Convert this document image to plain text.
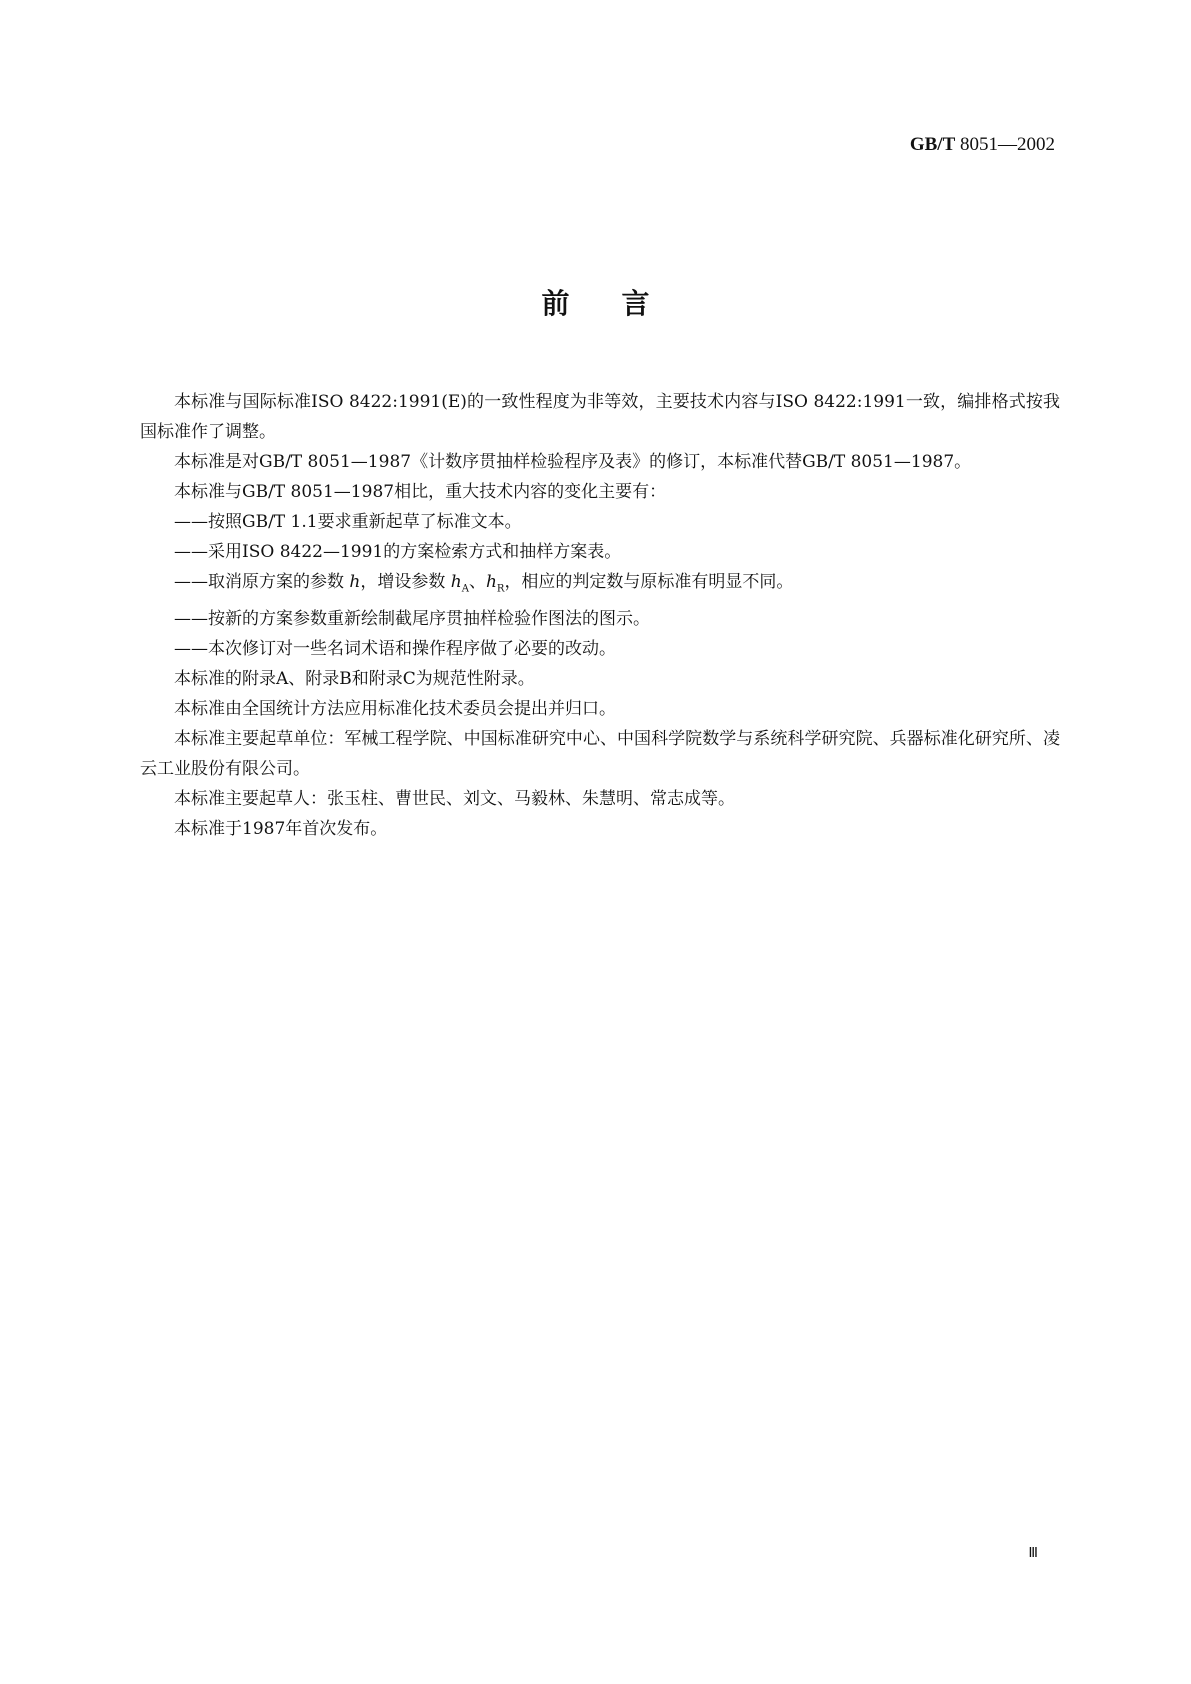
GB/T 8051—2002
前言

本标准与国际标准ISO 8422:1991(E)的一致性程度为非等效，主要技术内容与ISO 8422:1991一致，编排格式按我国标准作了调整。

本标准是对GB/T 8051—1987《计数序贯抽样检验程序及表》的修订，本标准代替GB/T 8051—1987。

本标准与GB/T 8051—1987相比，重大技术内容的变化主要有：

——按照GB/T 1.1要求重新起草了标准文本。

——采用ISO 8422—1991的方案检索方式和抽样方案表。

——取消原方案的参数 h，增设参数 $h_A$、$h_R$，相应的判定数与原标准有明显不同。

——按新的方案参数重新绘制截尾序贯抽样检验作图法的图示。

——本次修订对一些名词术语和操作程序做了必要的改动。

本标准的附录A、附录B和附录C为规范性附录。

本标准由全国统计方法应用标准化技术委员会提出并归口。

本标准主要起草单位：军械工程学院、中国标准研究中心、中国科学院数学与系统科学研究院、兵器标准化研究所、凌云工业股份有限公司。

本标准主要起草人：张玉柱、曹世民、刘文、马毅林、朱慧明、常志成等。

本标准于1987年首次发布。

Ⅲ
